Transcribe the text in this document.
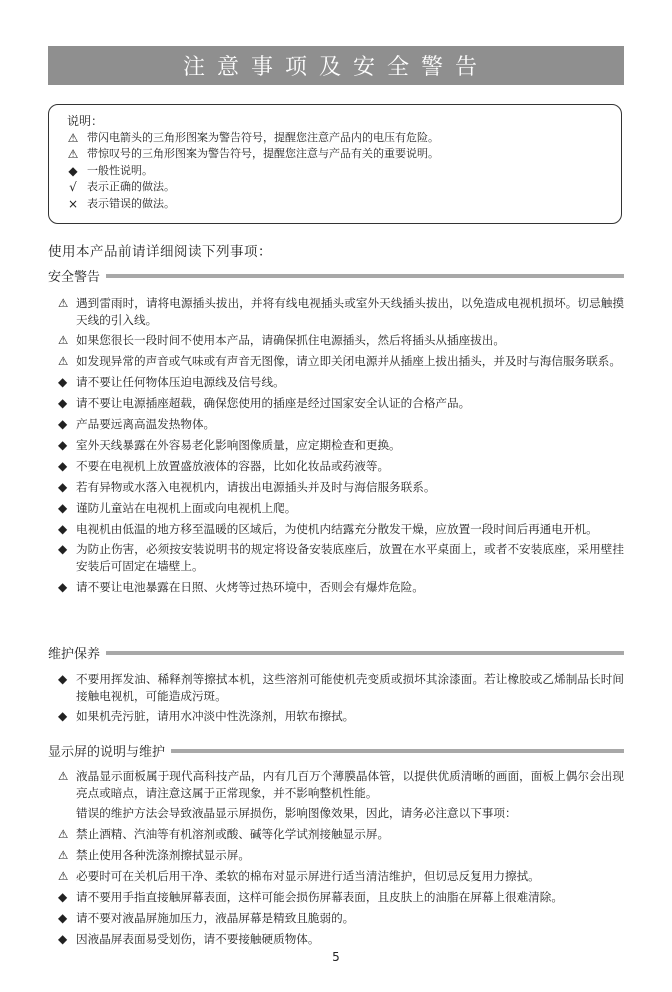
注意事项及安全警告
说明：
⚠ 带闪电箭头的三角形图案为警告符号，提醒您注意产品内的电压有危险。
⚠ 带惊叹号的三角形图案为警告符号，提醒您注意与产品有关的重要说明。
◆ 一般性说明。
√ 表示正确的做法。
× 表示错误的做法。
使用本产品前请详细阅读下列事项：
安全警告
⚠ 遇到雷雨时，请将电源插头拔出，并将有线电视插头或室外天线插头拔出，以免造成电视机损坏。切忌触摸天线的引入线。
⚠ 如果您很长一段时间不使用本产品，请确保抓住电源插头，然后将插头从插座拔出。
⚠ 如发现异常的声音或气味或有声音无图像，请立即关闭电源并从插座上拔出插头，并及时与海信服务联系。
◆ 请不要让任何物体压迫电源线及信号线。
◆ 请不要让电源插座超载，确保您使用的插座是经过国家安全认证的合格产品。
◆ 产品要远离高温发热物体。
◆ 室外天线暴露在外容易老化影响图像质量，应定期检查和更换。
◆ 不要在电视机上放置盛放液体的容器，比如化妆品或药液等。
◆ 若有异物或水落入电视机内，请拔出电源插头并及时与海信服务联系。
◆ 谨防儿童站在电视机上面或向电视机上爬。
◆ 电视机由低温的地方移至温暖的区域后，为使机内结露充分散发干燥，应放置一段时间后再通电开机。
◆ 为防止伤害，必须按安装说明书的规定将设备安装底座后，放置在水平桌面上，或者不安装底座，采用壁挂安装后可固定在墙壁上。
◆ 请不要让电池暴露在日照、火烤等过热环境中，否则会有爆炸危险。
维护保养
◆ 不要用挥发油、稀释剂等擦拭本机，这些溶剂可能使机壳变质或损坏其涂漆面。若让橡胶或乙烯制品长时间接触电视机，可能造成污斑。
◆ 如果机壳污脏，请用水冲淡中性洗涤剂，用软布擦拭。
显示屏的说明与维护
⚠ 液晶显示面板属于现代高科技产品，内有几百万个薄膜晶体管，以提供优质清晰的画面，面板上偶尔会出现亮点或暗点，请注意这属于正常现象，并不影响整机性能。
错误的维护方法会导致液晶显示屏损伤，影响图像效果，因此，请务必注意以下事项：
⚠ 禁止酒精、汽油等有机溶剂或酸、碱等化学试剂接触显示屏。
⚠ 禁止使用各种洗涤剂擦拭显示屏。
⚠ 必要时可在关机后用干净、柔软的棉布对显示屏进行适当清洁维护，但切忌反复用力擦拭。
◆ 请不要用手指直接触屏幕表面，这样可能会损伤屏幕表面，且皮肤上的油脂在屏幕上很难清除。
◆ 请不要对液晶屏施加压力，液晶屏幕是精致且脆弱的。
◆ 因液晶屏表面易受划伤，请不要接触硬质物体。
5
